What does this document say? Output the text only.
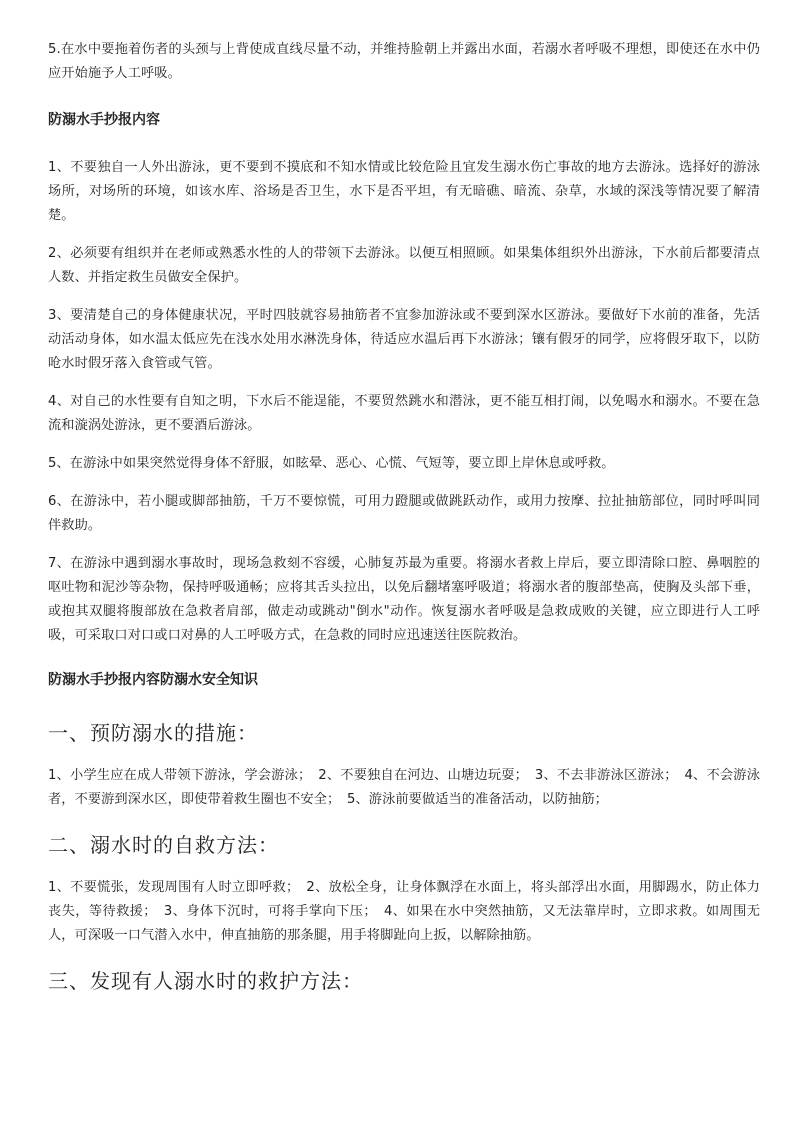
5.在水中要拖着伤者的头颈与上背使成直线尽量不动，并维持脸朝上并露出水面，若溺水者呼吸不理想，即使还在水中仍应开始施予人工呼吸。

防溺水手抄报内容

1、不要独自一人外出游泳，更不要到不摸底和不知水情或比较危险且宜发生溺水伤亡事故的地方去游泳。选择好的游泳场所，对场所的环境，如该水库、浴场是否卫生，水下是否平坦，有无暗礁、暗流、杂草，水域的深浅等情况要了解清楚。

2、必须要有组织并在老师或熟悉水性的人的带领下去游泳。以便互相照顾。如果集体组织外出游泳，下水前后都要清点人数、并指定救生员做安全保护。

3、要清楚自己的身体健康状况，平时四肢就容易抽筋者不宜参加游泳或不要到深水区游泳。要做好下水前的准备，先活动活动身体，如水温太低应先在浅水处用水淋洗身体，待适应水温后再下水游泳；镶有假牙的同学，应将假牙取下，以防呛水时假牙落入食管或气管。

4、对自己的水性要有自知之明，下水后不能逞能，不要贸然跳水和潜泳，更不能互相打闹，以免喝水和溺水。不要在急流和漩涡处游泳，更不要酒后游泳。

5、在游泳中如果突然觉得身体不舒服，如眩晕、恶心、心慌、气短等，要立即上岸休息或呼救。

6、在游泳中，若小腿或脚部抽筋，千万不要惊慌，可用力蹬腿或做跳跃动作，或用力按摩、拉扯抽筋部位，同时呼叫同伴救助。

7、在游泳中遇到溺水事故时，现场急救刻不容缓，心肺复苏最为重要。将溺水者救上岸后，要立即清除口腔、鼻咽腔的呕吐物和泥沙等杂物，保持呼吸通畅；应将其舌头拉出，以免后翻堵塞呼吸道；将溺水者的腹部垫高，使胸及头部下垂，或抱其双腿将腹部放在急救者肩部，做走动或跳动"倒水"动作。恢复溺水者呼吸是急救成败的关键，应立即进行人工呼吸，可采取口对口或口对鼻的人工呼吸方式，在急救的同时应迅速送往医院救治。

防溺水手抄报内容防溺水安全知识
一、预防溺水的措施：

1、小学生应在成人带领下游泳，学会游泳；　2、不要独自在河边、山塘边玩耍；　3、不去非游泳区游泳；　4、不会游泳者，不要游到深水区，即使带着救生圈也不安全；　5、游泳前要做适当的准备活动，以防抽筋；

二、溺水时的自救方法：

1、不要慌张，发现周围有人时立即呼救；　2、放松全身，让身体飘浮在水面上，将头部浮出水面，用脚踢水，防止体力丧失，等待救援；　3、身体下沉时，可将手掌向下压；　4、如果在水中突然抽筋，又无法靠岸时，立即求救。如周围无人，可深吸一口气潜入水中，伸直抽筋的那条腿，用手将脚趾向上扳，以解除抽筋。

三、发现有人溺水时的救护方法：
